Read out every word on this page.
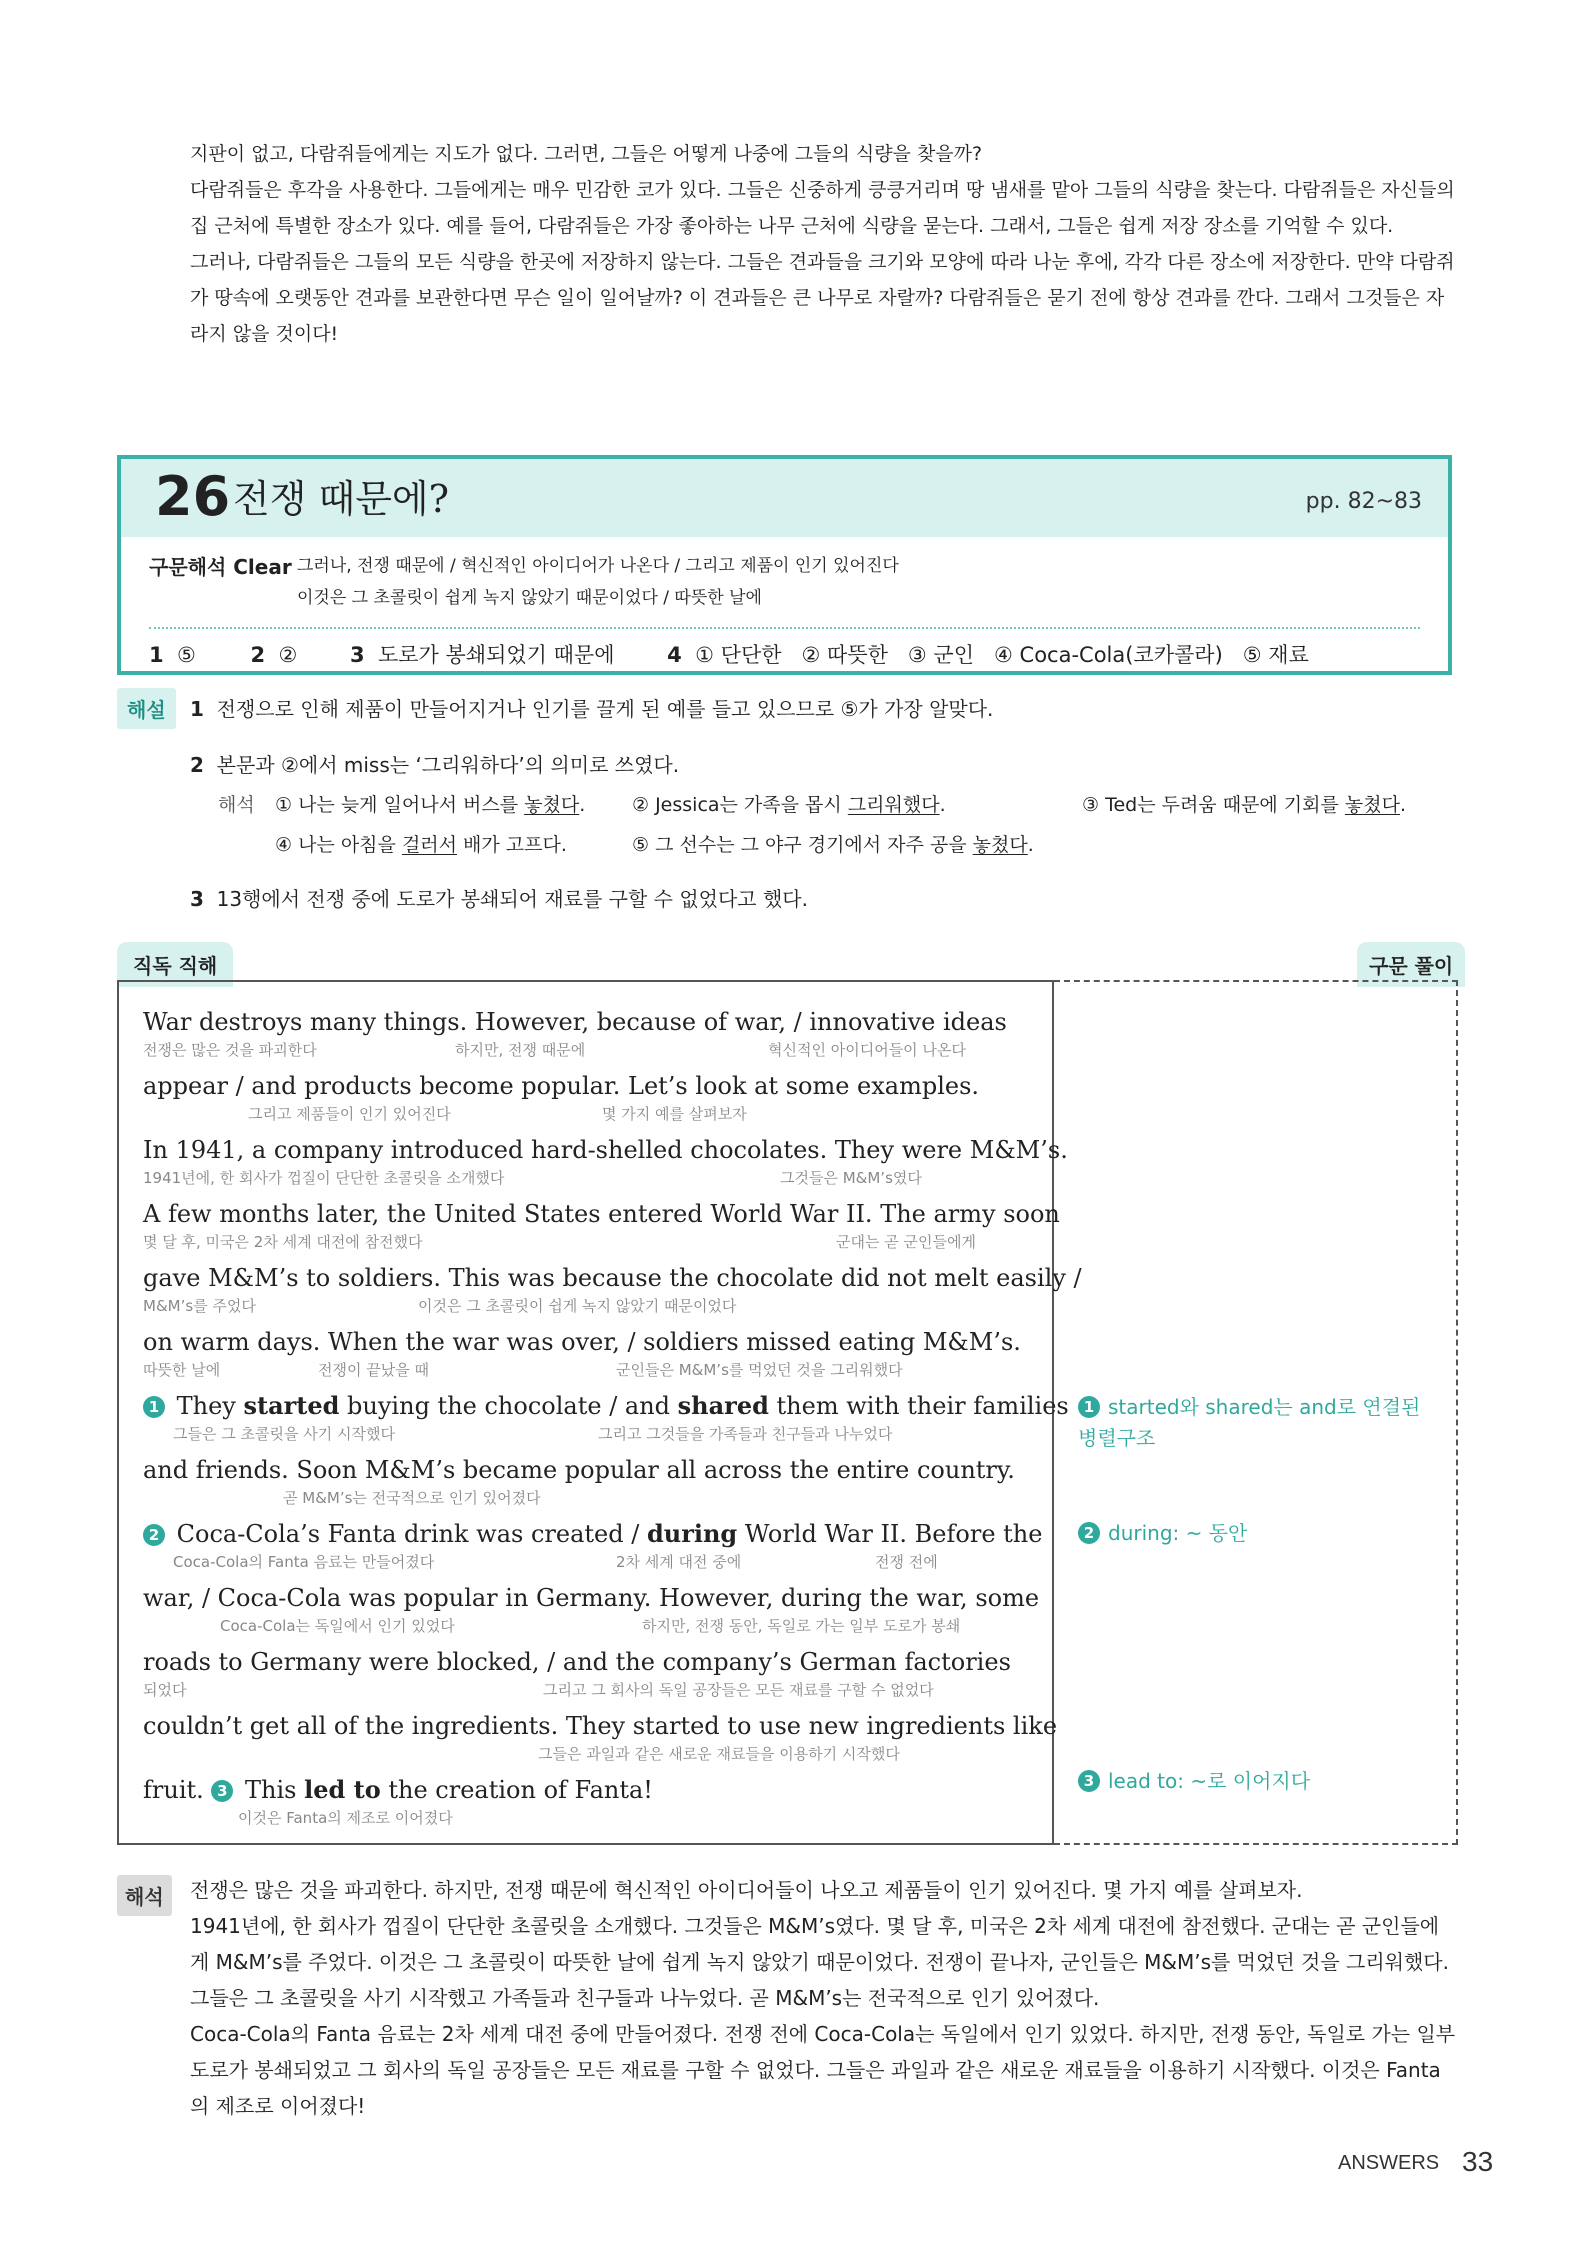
지판이 없고, 다람쥐들에게는 지도가 없다. 그러면, 그들은 어떻게 나중에 그들의 식량을 찾을까?

다람쥐들은 후각을 사용한다. 그들에게는 매우 민감한 코가 있다. 그들은 신중하게 킁킁거리며 땅 냄새를 맡아 그들의 식량을 찾는다. 다람쥐들은 자신들의 집 근처에 특별한 장소가 있다. 예를 들어, 다람쥐들은 가장 좋아하는 나무 근처에 식량을 묻는다. 그래서, 그들은 쉽게 저장 장소를 기억할 수 있다.

그러나, 다람쥐들은 그들의 모든 식량을 한곳에 저장하지 않는다. 그들은 견과들을 크기와 모양에 따라 나눈 후에, 각각 다른 장소에 저장한다. 만약 다람쥐가 땅속에 오랫동안 견과를 보관한다면 무슨 일이 일어날까? 이 견과들은 큰 나무로 자랄까? 다람쥐들은 묻기 전에 항상 견과를 깐다. 그래서 그것들은 자라지 않을 것이다!

26 전쟁 때문에?	pp. 82~83
구문해석 Clear 그러나, 전쟁 때문에 / 혁신적인 아이디어가 나온다 / 그리고 제품이 인기 있어진다
이것은 그 초콜릿이 쉽게 녹지 않았기 때문이었다 / 따뜻한 날에
1 ⑤	2 ②	3 도로가 봉쇄되었기 때문에	4 ① 단단한   ② 따뜻한   ③ 군인   ④ Coca-Cola(코카콜라)   ⑤ 재료
해설	1 전쟁으로 인해 제품이 만들어지거나 인기를 끌게 된 예를 들고 있으므로 ⑤가 가장 알맞다.
2 본문과 ②에서 miss는 ‘그리워하다’의 의미로 쓰였다.
해석 ① 나는 늦게 일어나서 버스를 놓쳤다. ② Jessica는 가족을 몹시 그리워했다.	③ Ted는 두려움 때문에 기회를 놓쳤다.
④ 나는 아침을 걸러서 배가 고프다.	⑤ 그 선수는 그 야구 경기에서 자주 공을 놓쳤다.
3 13행에서 전쟁 중에 도로가 봉쇄되어 재료를 구할 수 없었다고 했다.
직독 직해	구문 풀이
War destroys many things. However, because of war, / innovative ideas
전쟁은 많은 것을 파괴한다	하지만, 전쟁 때문에	혁신적인 아이디어들이 나온다
appear / and products become popular. Let’s look at some examples.
그리고 제품들이 인기 있어진다	몇 가지 예를 살펴보자
In 1941, a company introduced hard-shelled chocolates. They were M&M’s.
1941년에, 한 회사가 껍질이 단단한 초콜릿을 소개했다	그것들은 M&M’s였다
A few months later, the United States entered World War II. The army soon
몇 달 후, 미국은 2차 세계 대전에 참전했다	군대는 곧 군인들에게
gave M&M’s to soldiers. This was because the chocolate did not melt easily /
M&M’s를 주었다	이것은 그 초콜릿이 쉽게 녹지 않았기 때문이었다
on warm days. When the war was over, / soldiers missed eating M&M’s.
따뜻한 날에	전쟁이 끝났을 때	군인들은 M&M’s를 먹었던 것을 그리워했다
1 They started buying the chocolate / and shared them with their families
그들은 그 초콜릿을 사기 시작했다	그리고 그것들을 가족들과 친구들과 나누었다
and friends. Soon M&M’s became popular all across the entire country.
곧 M&M’s는 전국적으로 인기 있어졌다
2 Coca-Cola’s Fanta drink was created / during World War II. Before the
Coca-Cola의 Fanta 음료는 만들어졌다	2차 세계 대전 중에	전쟁 전에
war, / Coca-Cola was popular in Germany. However, during the war, some
Coca-Cola는 독일에서 인기 있었다	하지만, 전쟁 동안, 독일로 가는 일부 도로가 봉쇄
roads to Germany were blocked, / and the company’s German factories
되었다	그리고 그 회사의 독일 공장들은 모든 재료를 구할 수 없었다
couldn’t get all of the ingredients. They started to use new ingredients like
그들은 과일과 같은 새로운 재료들을 이용하기 시작했다
fruit. 3 This led to the creation of Fanta!
이것은 Fanta의 제조로 이어졌다
1 started와 shared는 and로 연결된 병렬구조
2 during: ~ 동안
3 lead to: ~로 이어지다
해석	전쟁은 많은 것을 파괴한다. 하지만, 전쟁 때문에 혁신적인 아이디어들이 나오고 제품들이 인기 있어진다. 몇 가지 예를 살펴보자.

1941년에, 한 회사가 껍질이 단단한 초콜릿을 소개했다. 그것들은 M&M’s였다. 몇 달 후, 미국은 2차 세계 대전에 참전했다. 군대는 곧 군인들에게 M&M’s를 주었다. 이것은 그 초콜릿이 따뜻한 날에 쉽게 녹지 않았기 때문이었다. 전쟁이 끝나자, 군인들은 M&M’s를 먹었던 것을 그리워했다. 그들은 그 초콜릿을 사기 시작했고 가족들과 친구들과 나누었다. 곧 M&M’s는 전국적으로 인기 있어졌다.

Coca-Cola의 Fanta 음료는 2차 세계 대전 중에 만들어졌다. 전쟁 전에 Coca-Cola는 독일에서 인기 있었다. 하지만, 전쟁 동안, 독일로 가는 일부 도로가 봉쇄되었고 그 회사의 독일 공장들은 모든 재료를 구할 수 없었다. 그들은 과일과 같은 새로운 재료들을 이용하기 시작했다. 이것은 Fanta의 제조로 이어졌다!

ANSWERS 33
